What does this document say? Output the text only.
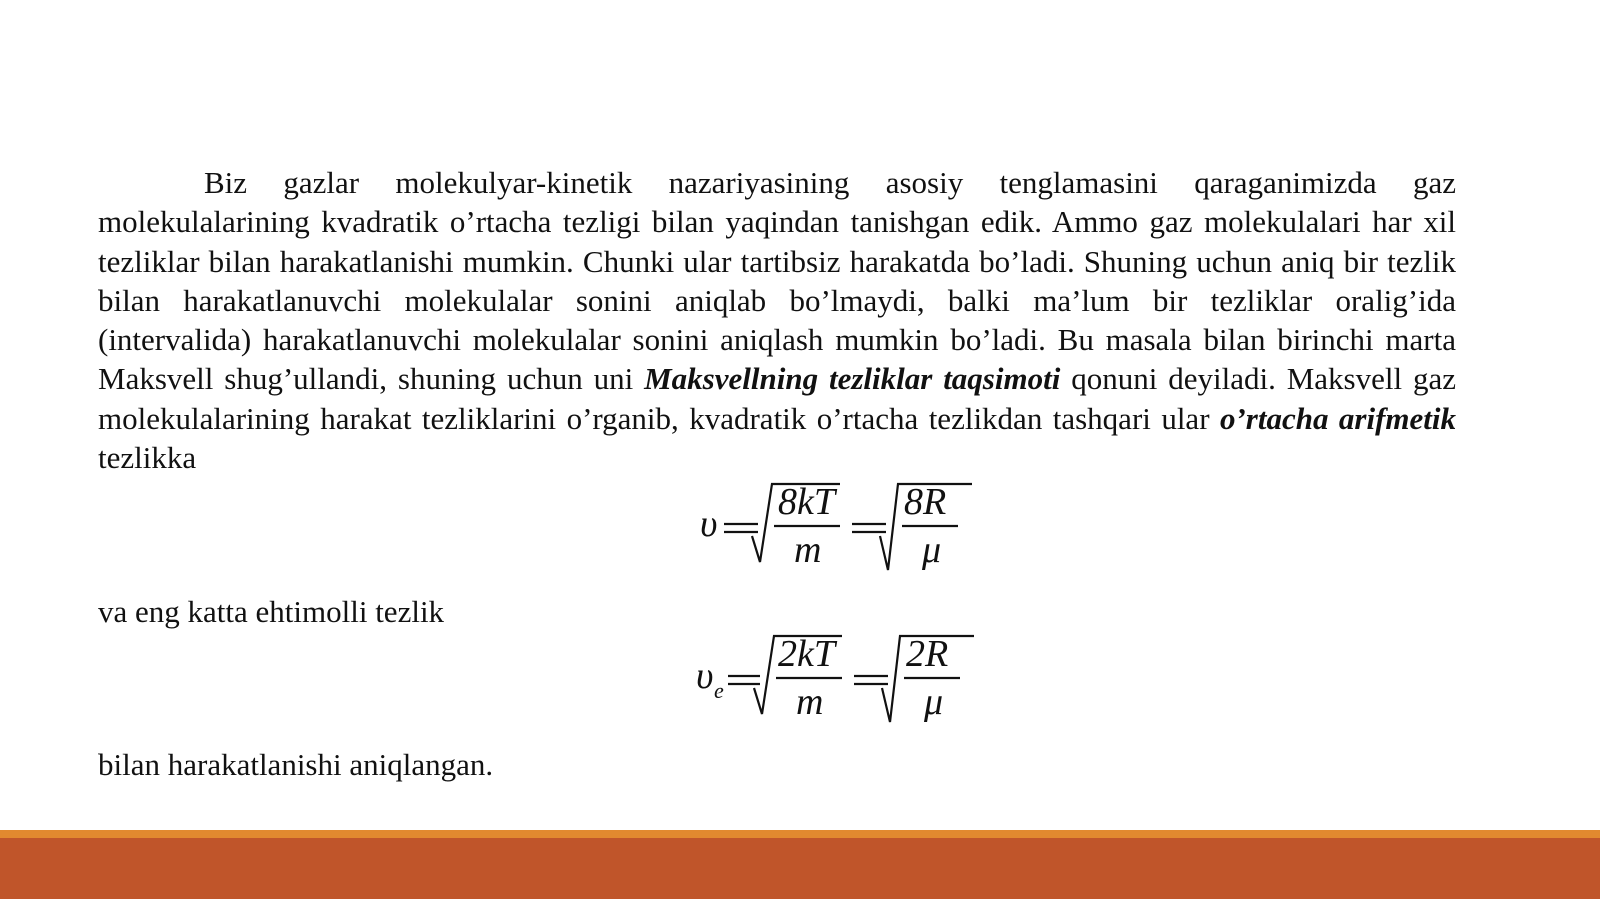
Biz gazlar molekulyar-kinetik nazariyasining asosiy tenglamasini qaraganimizda gaz molekulalarining kvadratik o’rtacha tezligi bilan yaqindan tanishgan edik. Ammo gaz molekulalari har xil tezliklar bilan harakatlanishi mumkin. Chunki ular tartibsiz harakatda bo’ladi. Shuning uchun aniq bir tezlik bilan harakatlanuvchi molekulalar sonini aniqlab bo’lmaydi, balki ma’lum bir tezliklar oralig’ida (intervalida) harakatlanuvchi molekulalar sonini aniqlash mumkin bo’ladi. Bu masala bilan birinchi marta Maksvell shug’ullandi, shuning uchun uni Maksvellning tezliklar taqsimoti qonuni deyiladi. Maksvell gaz molekulalarining harakat tezliklarini o’rganib, kvadratik o’rtacha tezlikdan tashqari ular o’rtacha arifmetik tezlikka

υ
8kT
m
8R
μ

va eng katta ehtimolli tezlik

υ e
2kT
m
2R
μ

bilan harakatlanishi aniqlangan.
